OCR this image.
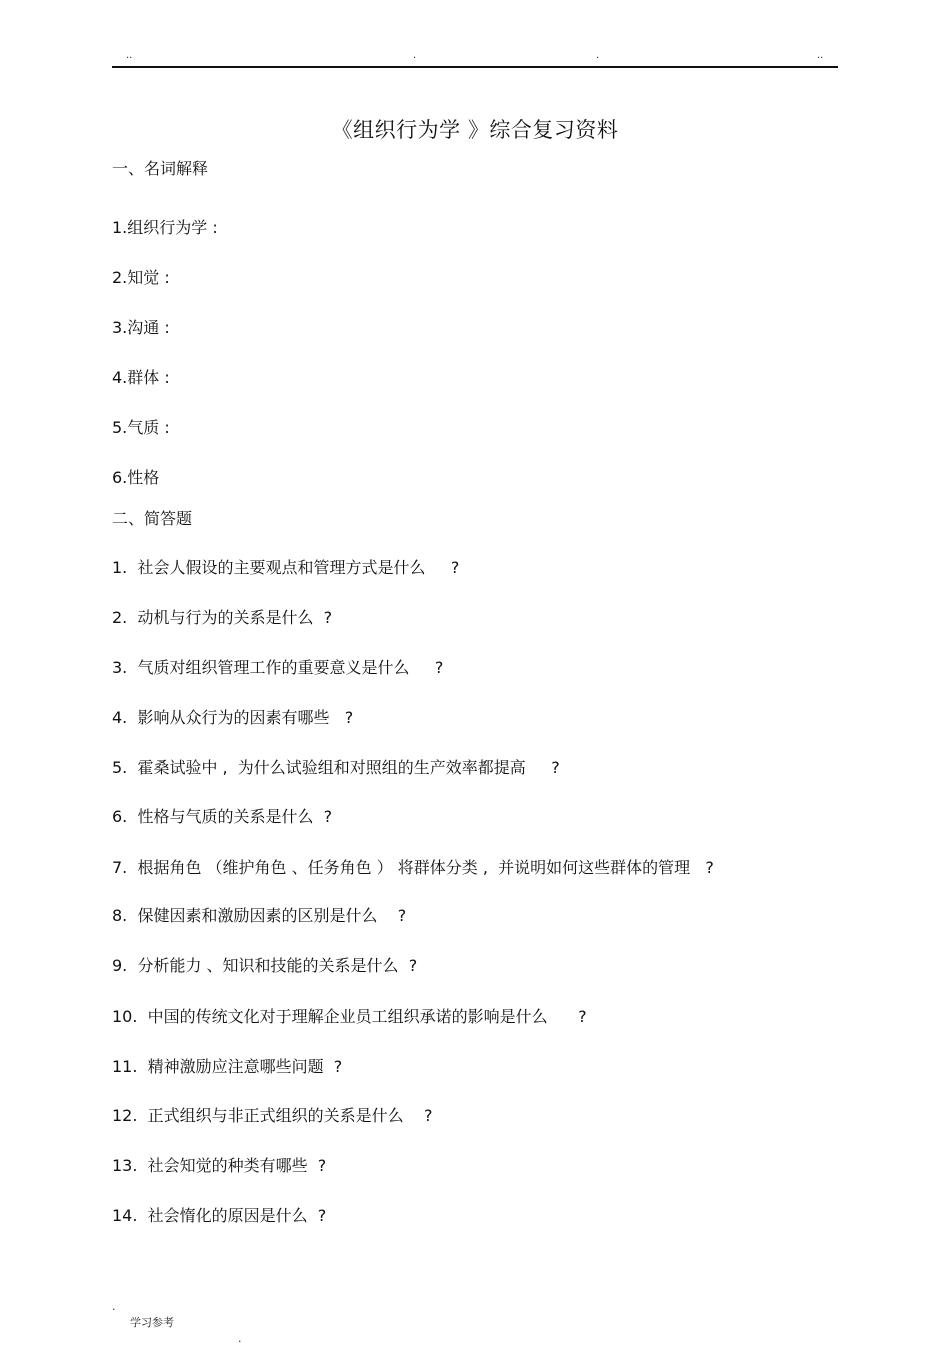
..	.	.	..
《组织行为学 》综合复习资料
一、名词解释
1.组织行为学 :
2.知觉 :
3.沟通 :
4.群体 :
5.气质 :
6.性格
二、简答题
1.  社会人假设的主要观点和管理方式是什么     ?
2.  动机与行为的关系是什么  ?
3.  气质对组织管理工作的重要意义是什么     ?
4.  影响从众行为的因素有哪些   ?
5.  霍桑试验中 ,  为什么试验组和对照组的生产效率都提高     ?
6.  性格与气质的关系是什么  ?
7.  根据角色 （维护角色 、任务角色 ） 将群体分类 ,  并说明如何这些群体的管理   ?
8.  保健因素和激励因素的区别是什么    ?
9.  分析能力 、知识和技能的关系是什么  ?
10.  中国的传统文化对于理解企业员工组织承诺的影响是什么      ?
11.  精神激励应注意哪些问题  ?
12.  正式组织与非正式组织的关系是什么    ?
13.  社会知觉的种类有哪些  ?
14.  社会惰化的原因是什么  ?

.

学习参考

.
